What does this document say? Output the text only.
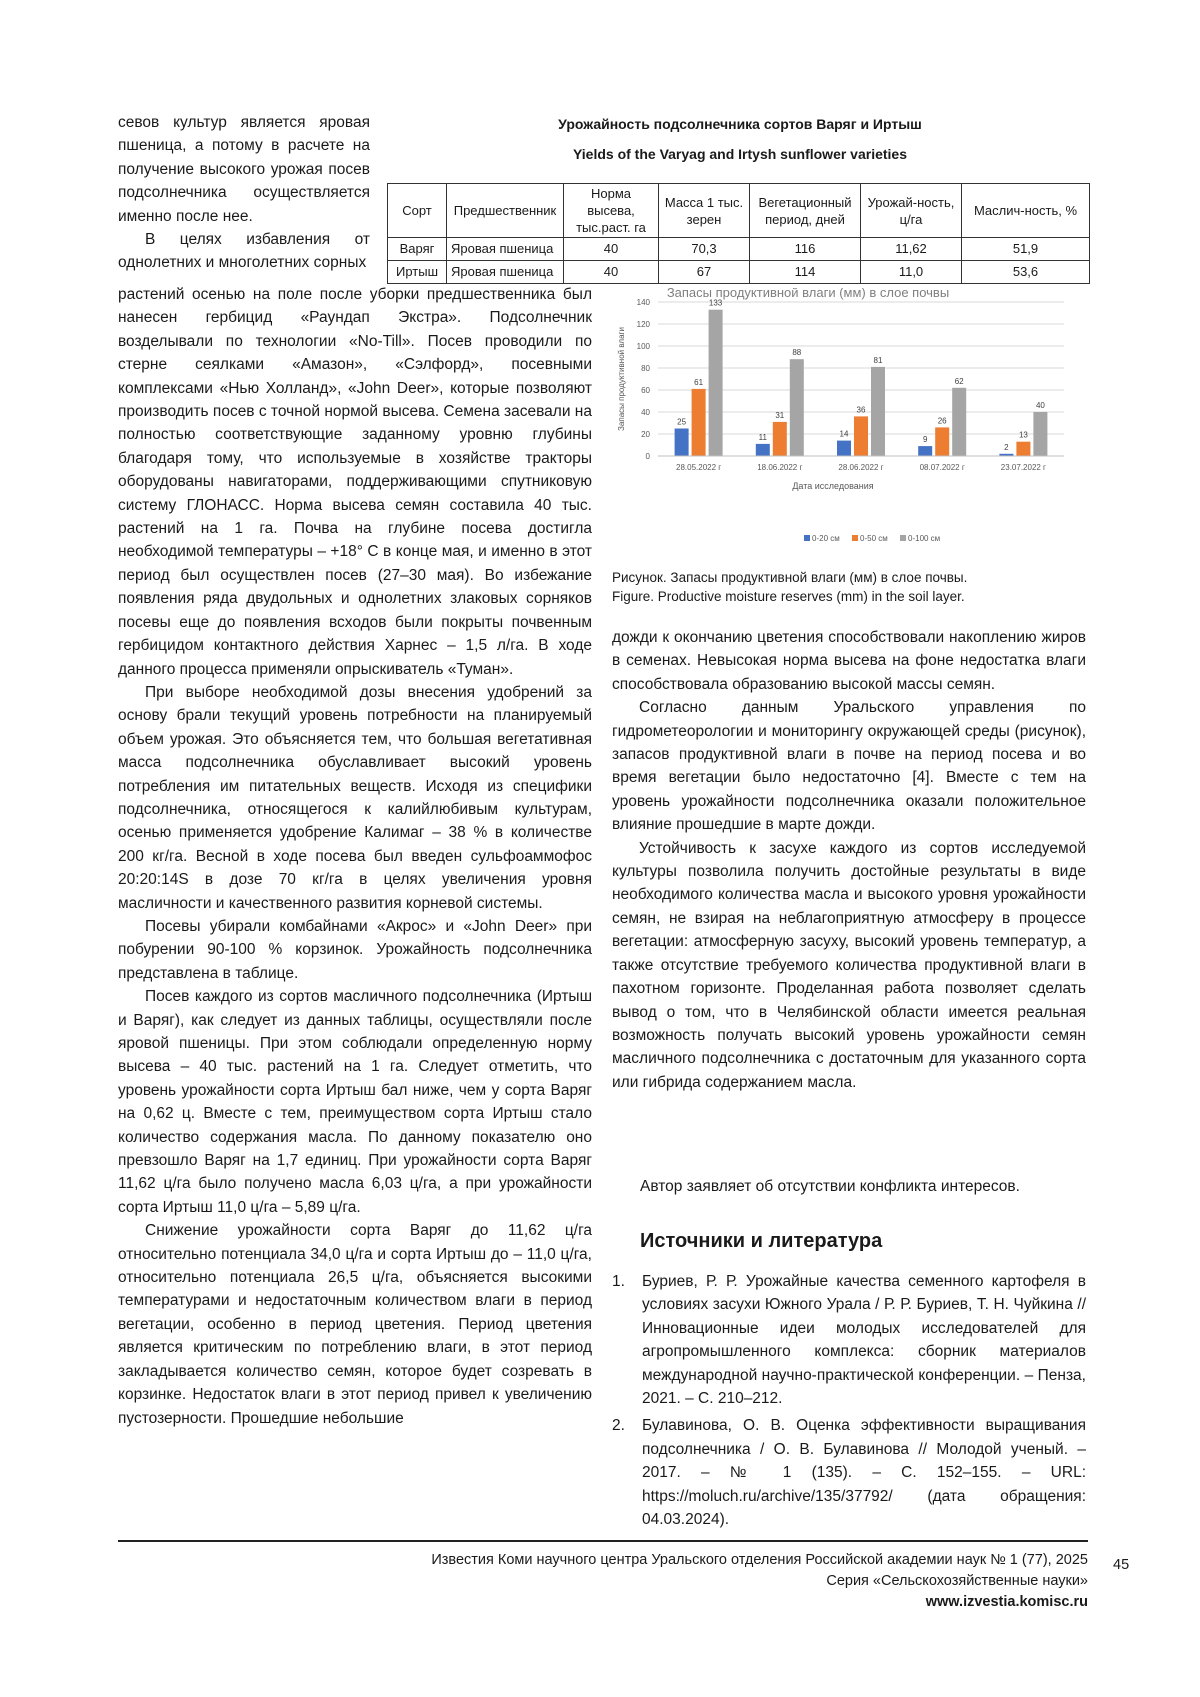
севов культур является яровая пшеница, а потому в расчете на получение высокого урожая посев подсолнечника осуществляется именно после нее.

В целях избавления от однолетних и многолетних сорных

Урожайность подсолнечника сортов Варяг и Иртыш
Yields of the Varyag and Irtysh sunflower varieties
Сорт	Предшественник	Норма высева, тыс.раст. га	Масса 1 тыс. зерен	Вегетационный период, дней	Урожай-ность, ц/га	Маслич-ность, %
Варяг	Яровая пшеница	40	70,3	116	11,62	51,9
Иртыш	Яровая пшеница	40	67	114	11,0	53,6

растений осенью на поле после уборки предшественника был нанесен гербицид «Раундап Экстра». Подсолнечник возделывали по технологии «No-Till». Посев проводили по стерне сеялками «Амазон», «Сэлфорд», посевными комплексами «Нью Холланд», «John Deer», которые позволяют производить посев с точной нормой высева. Семена засевали на полностью соответствующие заданному уровню глубины благодаря тому, что используемые в хозяйстве тракторы оборудованы навигаторами, поддерживающими спутниковую систему ГЛОНАСС. Норма высева семян составила 40 тыс. растений на 1 га. Почва на глубине посева достигла необходимой температуры – +18° С в конце мая, и именно в этот период был осуществлен посев (27–30 мая). Во избежание появления ряда двудольных и однолетних злаковых сорняков посевы еще до появления всходов были покрыты почвенным гербицидом контактного действия Харнес – 1,5 л/га. В ходе данного процесса применяли опрыскиватель «Туман».

При выборе необходимой дозы внесения удобрений за основу брали текущий уровень потребности на планируемый объем урожая. Это объясняется тем, что большая вегетативная масса подсолнечника обуславливает высокий уровень потребления им питательных веществ. Исходя из специфики подсолнечника, относящегося к калийлюбивым культурам, осенью применяется удобрение Калимаг – 38 % в количестве 200 кг/га. Весной в ходе посева был введен сульфоаммофос 20:20:14S в дозе 70 кг/га в целях увеличения уровня масличности и качественного развития корневой системы.

Посевы убирали комбайнами «Акрос» и «John Deer» при побурении 90-100 % корзинок. Урожайность подсолнечника представлена в таблице.

Посев каждого из сортов масличного подсолнечника (Иртыш и Варяг), как следует из данных таблицы, осуществляли после яровой пшеницы. При этом соблюдали определенную норму высева – 40 тыс. растений на 1 га. Следует отметить, что уровень урожайности сорта Иртыш бал ниже, чем у сорта Варяг на 0,62 ц. Вместе с тем, преимуществом сорта Иртыш стало количество содержания масла. По данному показателю оно превзошло Варяг на 1,7 единиц. При урожайности сорта Варяг 11,62 ц/га было получено масла 6,03 ц/га, а при урожайности сорта Иртыш 11,0 ц/га – 5,89 ц/га.

Снижение урожайности сорта Варяг до 11,62 ц/га относительно потенциала 34,0 ц/га и сорта Иртыш до – 11,0 ц/га, относительно потенциала 26,5 ц/га, объясняется высокими температурами и недостаточным количеством влаги в период вегетации, особенно в период цветения. Период цветения является критическим по потреблению влаги, в этот период закладывается количество семян, которое будет созревать в корзинке. Недостаток влаги в этот период привел к увеличению пустозерности. Прошедшие небольшие

Запасы продуктивной влаги (мм) в слое почвы
0
20
40
60
80
100
120
140
Запасы продуктивной влаги	25
61
133
28.05.2022 г
11
31
88
18.06.2022 г
14
36
81
28.06.2022 г
9
26
62
08.07.2022 г
2
13
40
23.07.2022 г
Дата исследования
0-20 см	0-50 см	0-100 см
Рисунок. Запасы продуктивной влаги (мм) в слое почвы.
Figure. Productive moisture reserves (mm) in the soil layer.

дожди к окончанию цветения способствовали накоплению жиров в семенах. Невысокая норма высева на фоне недостатка влаги способствовала образованию высокой массы семян.

Согласно данным Уральского управления по гидрометеорологии и мониторингу окружающей среды (рисунок), запасов продуктивной влаги в почве на период посева и во время вегетации было недостаточно [4]. Вместе с тем на уровень урожайности подсолнечника оказали положительное влияние прошедшие в марте дожди.

Устойчивость к засухе каждого из сортов исследуемой культуры позволила получить достойные результаты в виде необходимого количества масла и высокого уровня урожайности семян, не взирая на неблагоприятную атмосферу в процессе вегетации: атмосферную засуху, высокий уровень температур, а также отсутствие требуемого количества продуктивной влаги в пахотном горизонте. Проделанная работа позволяет сделать вывод о том, что в Челябинской области имеется реальная возможность получать высокий уровень урожайности семян масличного подсолнечника с достаточным для указанного сорта или гибрида содержанием масла.

Автор заявляет об отсутствии конфликта интересов.
Источники и литература
1. Буриев, Р. Р. Урожайные качества семенного картофеля в условиях засухи Южного Урала / Р. Р. Буриев, Т. Н. Чуйкина // Инновационные идеи молодых исследователей для агропромышленного комплекса: сборник материалов международной научно-практической конференции. – Пенза, 2021. – С. 210–212.
2. Булавинова, О. В. Оценка эффективности выращивания подсолнечника / О. В. Булавинова // Молодой ученый. – 2017. – № 1 (135). – С. 152–155. – URL: https://moluch.ru/archive/135/37792/ (дата обращения: 04.03.2024).
Известия Коми научного центра Уральского отделения Российской академии наук № 1 (77), 2025
Серия «Сельскохозяйственные науки»
www.izvestia.komisc.ru
45
